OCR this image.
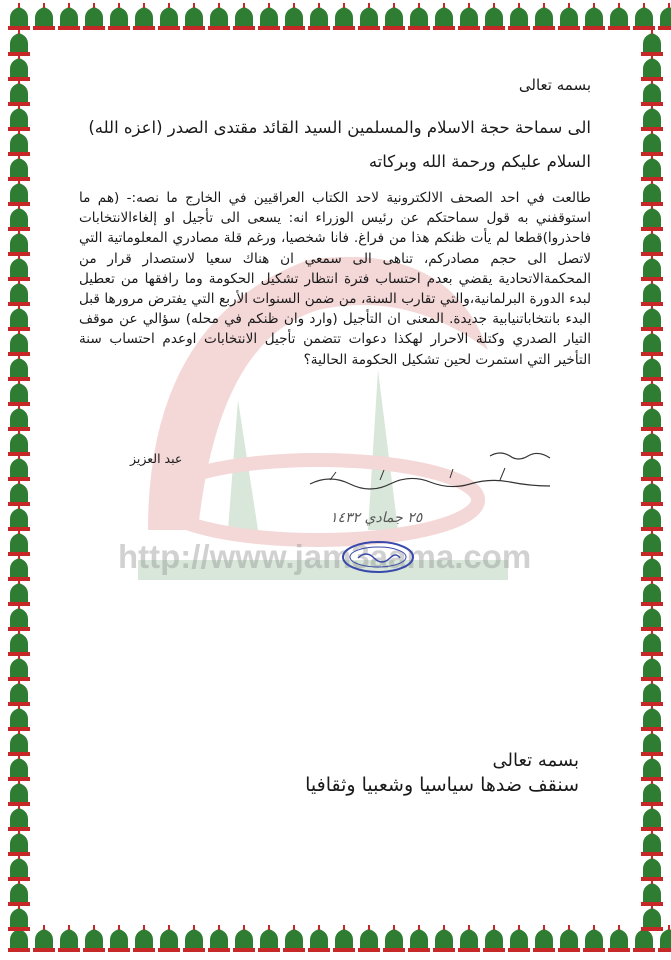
http://www.jam3aama.com
بسمه تعالى
الى سماحة حجة الاسلام والمسلمين السيد القائد مقتدى الصدر (اعزه الله)
السلام عليكم ورحمة الله وبركاته
طالعت في احد الصحف الالكترونية لاحد الكتاب العراقيين في الخارج ما نصه:- (هم ما استوقفني به قول سماحتكم عن رئيس الوزراء انه: يسعى الى تأجيل او إلغاءالانتخابات فاحذروا)قطعا لم يأت ظنكم هذا من فراغ. فانا شخصيا، ورغم قلة مصادري المعلوماتية التي لاتصل الى حجم مصادركم، تناهى الى سمعي ان هناك سعيا لاستصدار قرار من المحكمةالاتحادية يقضي بعدم احتساب فترة انتظار تشكيل الحكومة وما رافقها من تعطيل لبدء الدورة البرلمانية،والتي تقارب السنة، من ضمن السنوات الأربع التي يفترض مرورها قبل البدء بانتخاباتنيابية جديدة. المعنى ان التأجيل (وارد وان ظنكم في محله) سؤالي عن موقف التيار الصدري وكتلة الاحرار لهكذا دعوات تتضمن تأجيل الانتخابات اوعدم احتساب سنة التأخير التي استمرت لحين تشكيل الحكومة الحالية؟
عبد العزيز
٢٥ جمادي ١٤٣٢
بسمه تعالى
سنقف ضدها سياسيا وشعبيا وثقافيا
